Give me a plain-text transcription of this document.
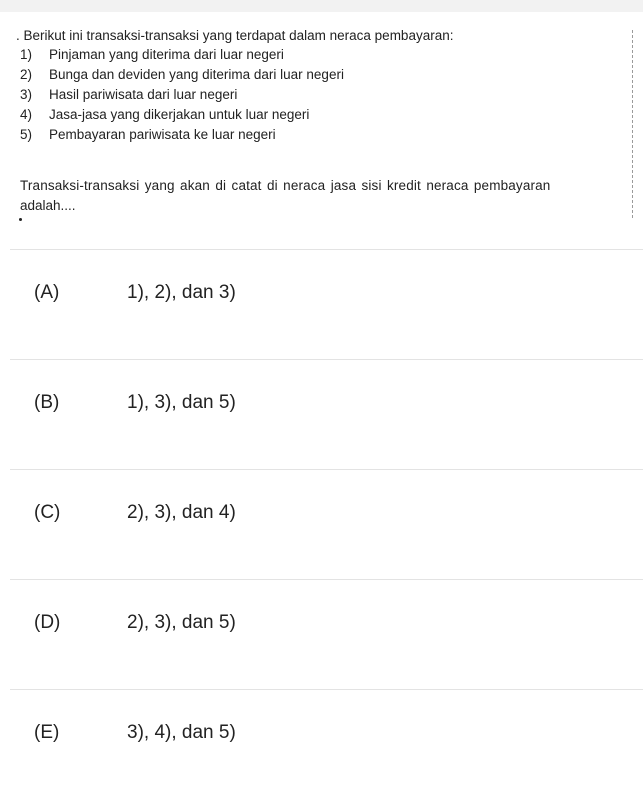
. Berikut ini transaksi-transaksi yang terdapat dalam neraca pembayaran:
1)	Pinjaman yang diterima dari luar negeri
2)	Bunga dan deviden yang diterima dari luar negeri
3)	Hasil pariwisata dari luar negeri
4)	Jasa-jasa yang dikerjakan untuk luar negeri
5)	Pembayaran pariwisata ke luar negeri
Transaksi-transaksi yang akan di catat di neraca jasa sisi kredit neraca pembayaran
adalah....
(A)	1), 2), dan 3)
(B)	1), 3), dan 5)
(C)	2), 3), dan 4)
(D)	2), 3), dan 5)
(E)	3), 4), dan 5)
